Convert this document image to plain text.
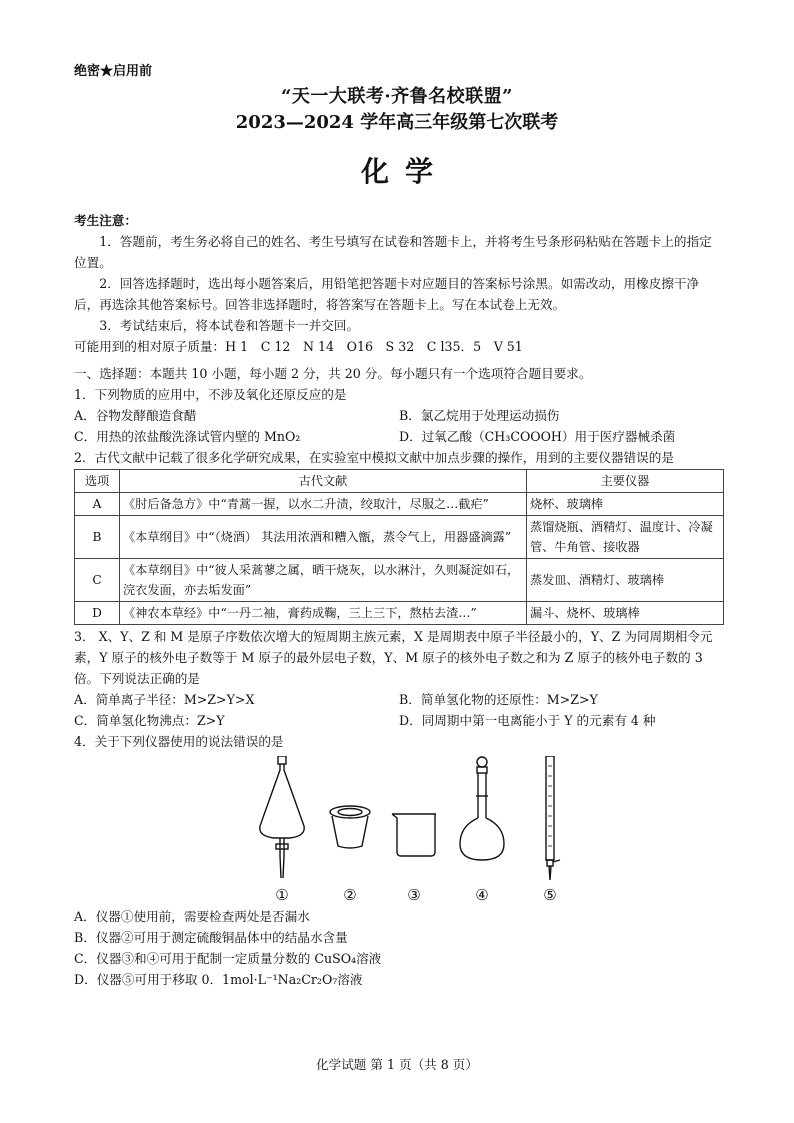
绝密★启用前
“天一大联考·齐鲁名校联盟”
2023—2024 学年高三年级第七次联考
化学

考生注意：

1．答题前，考生务必将自己的姓名、考生号填写在试卷和答题卡上，并将考生号条形码粘贴在答题卡上的指定位置。

2．回答选择题时，选出每小题答案后，用铅笔把答题卡对应题目的答案标号涂黑。如需改动，用橡皮擦干净后，再选涂其他答案标号。回答非选择题时，将答案写在答题卡上。写在本试卷上无效。

3．考试结束后，将本试卷和答题卡一并交回。

可能用到的相对原子质量：H 1　C 12　N 14　O16　S 32　C l35．5　V 51

一、选择题：本题共 10 小题，每小题 2 分，共 20 分。每小题只有一个选项符合题目要求。

1．下列物质的应用中，不涉及氧化还原反应的是

A．谷物发酵酿造食醋	B．氯乙烷用于处理运动损伤
C．用热的浓盐酸洗涤试管内壁的 MnO₂	D．过氧乙酸（CH₃COOOH）用于医疗器械杀菌

2．古代文献中记载了很多化学研究成果，在实验室中模拟文献中加点步骤的操作，用到的主要仪器错误的是

选项	古代文献	主要仪器
A	《肘后备急方》中“青蒿一握，以水二升渍，绞取汁，尽服之…截疟”	烧杯、玻璃棒
B	《本草纲目》中“（烧酒） 其法用浓酒和糟入甑，蒸令气上，用器盛滴露”	蒸馏烧瓶、酒精灯、温度计、冷凝管、牛角管、接收器
C	《本草纲目》中“彼人采蒿蓼之属，晒干烧灰，以水淋汁，久则凝淀如石，浣衣发面，亦去垢发面”	蒸发皿、酒精灯、玻璃棒
D	《神农本草经》中“一丹二袖，膏药成鞠，三上三下，熬枯去渣…”	漏斗、烧杯、玻璃棒

3． X、Y、Z 和 M 是原子序数依次增大的短周期主族元素，X 是周期表中原子半径最小的，Y、Z 为同周期相令元素，Y 原子的核外电子数等于 M 原子的最外层电子数，Y、M 原子的核外电子数之和为 Z 原子的核外电子数的 3 倍。下列说法正确的是

A．简单离子半径：M>Z>Y>X	B．简单氢化物的还原性：M>Z>Y
C．简单氢化物沸点：Z>Y	D．同周期中第一电离能小于 Y 的元素有 4 种

4．关于下列仪器使用的说法错误的是

①	②	③	④	⑤

A．仪器①使用前，需要检查两处是否漏水

B．仪器②可用于测定硫酸铜晶体中的结晶水含量

C．仪器③和④可用于配制一定质量分数的 CuSO₄溶液

D．仪器⑤可用于移取 0．1mol·L⁻¹Na₂Cr₂O₇溶液

化学试题 第 1 页（共 8 页）
